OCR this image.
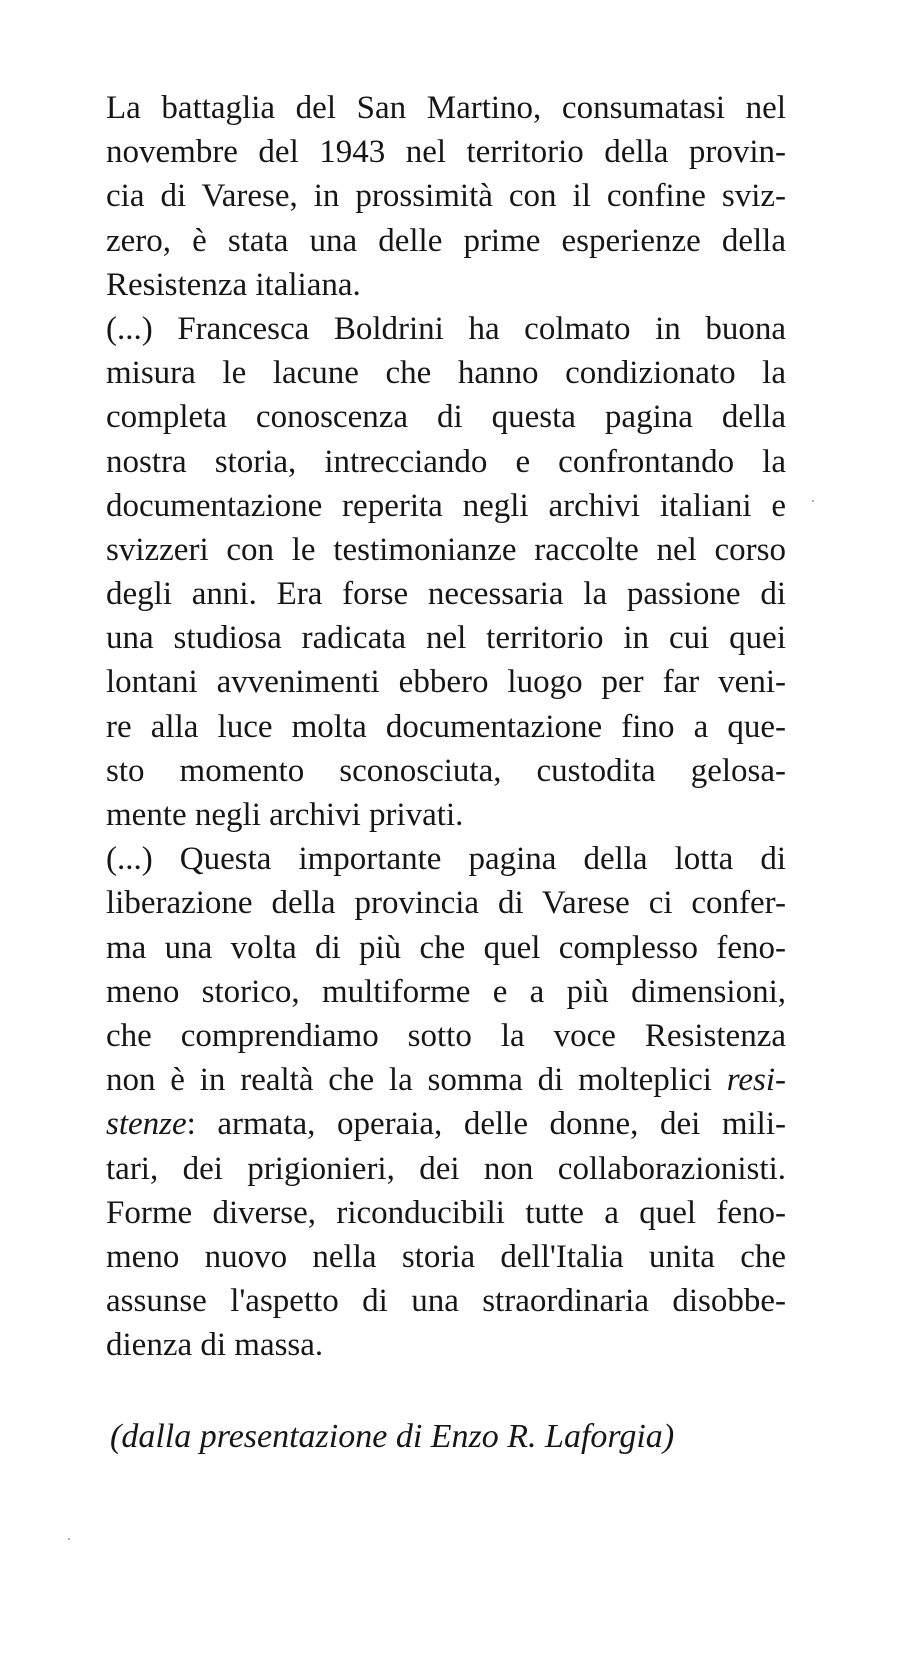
La battaglia del San Martino, consumatasi nel
novembre del 1943 nel territorio della provin-
cia di Varese, in prossimità con il confine sviz-
zero, è stata una delle prime esperienze della
Resistenza italiana.
(...) Francesca Boldrini ha colmato in buona
misura le lacune che hanno condizionato la
completa conoscenza di questa pagina della
nostra storia, intrecciando e confrontando la
documentazione reperita negli archivi italiani e
svizzeri con le testimonianze raccolte nel corso
degli anni. Era forse necessaria la passione di
una studiosa radicata nel territorio in cui quei
lontani avvenimenti ebbero luogo per far veni-
re alla luce molta documentazione fino a que-
sto momento sconosciuta, custodita gelosa-
mente negli archivi privati.
(...) Questa importante pagina della lotta di
liberazione della provincia di Varese ci confer-
ma una volta di più che quel complesso feno-
meno storico, multiforme e a più dimensioni,
che comprendiamo sotto la voce Resistenza
non è in realtà che la somma di molteplici resi-
stenze: armata, operaia, delle donne, dei mili-
tari, dei prigionieri, dei non collaborazionisti.
Forme diverse, riconducibili tutte a quel feno-
meno nuovo nella storia dell'Italia unita che
assunse l'aspetto di una straordinaria disobbe-
dienza di massa.
(dalla presentazione di Enzo R. Laforgia)
